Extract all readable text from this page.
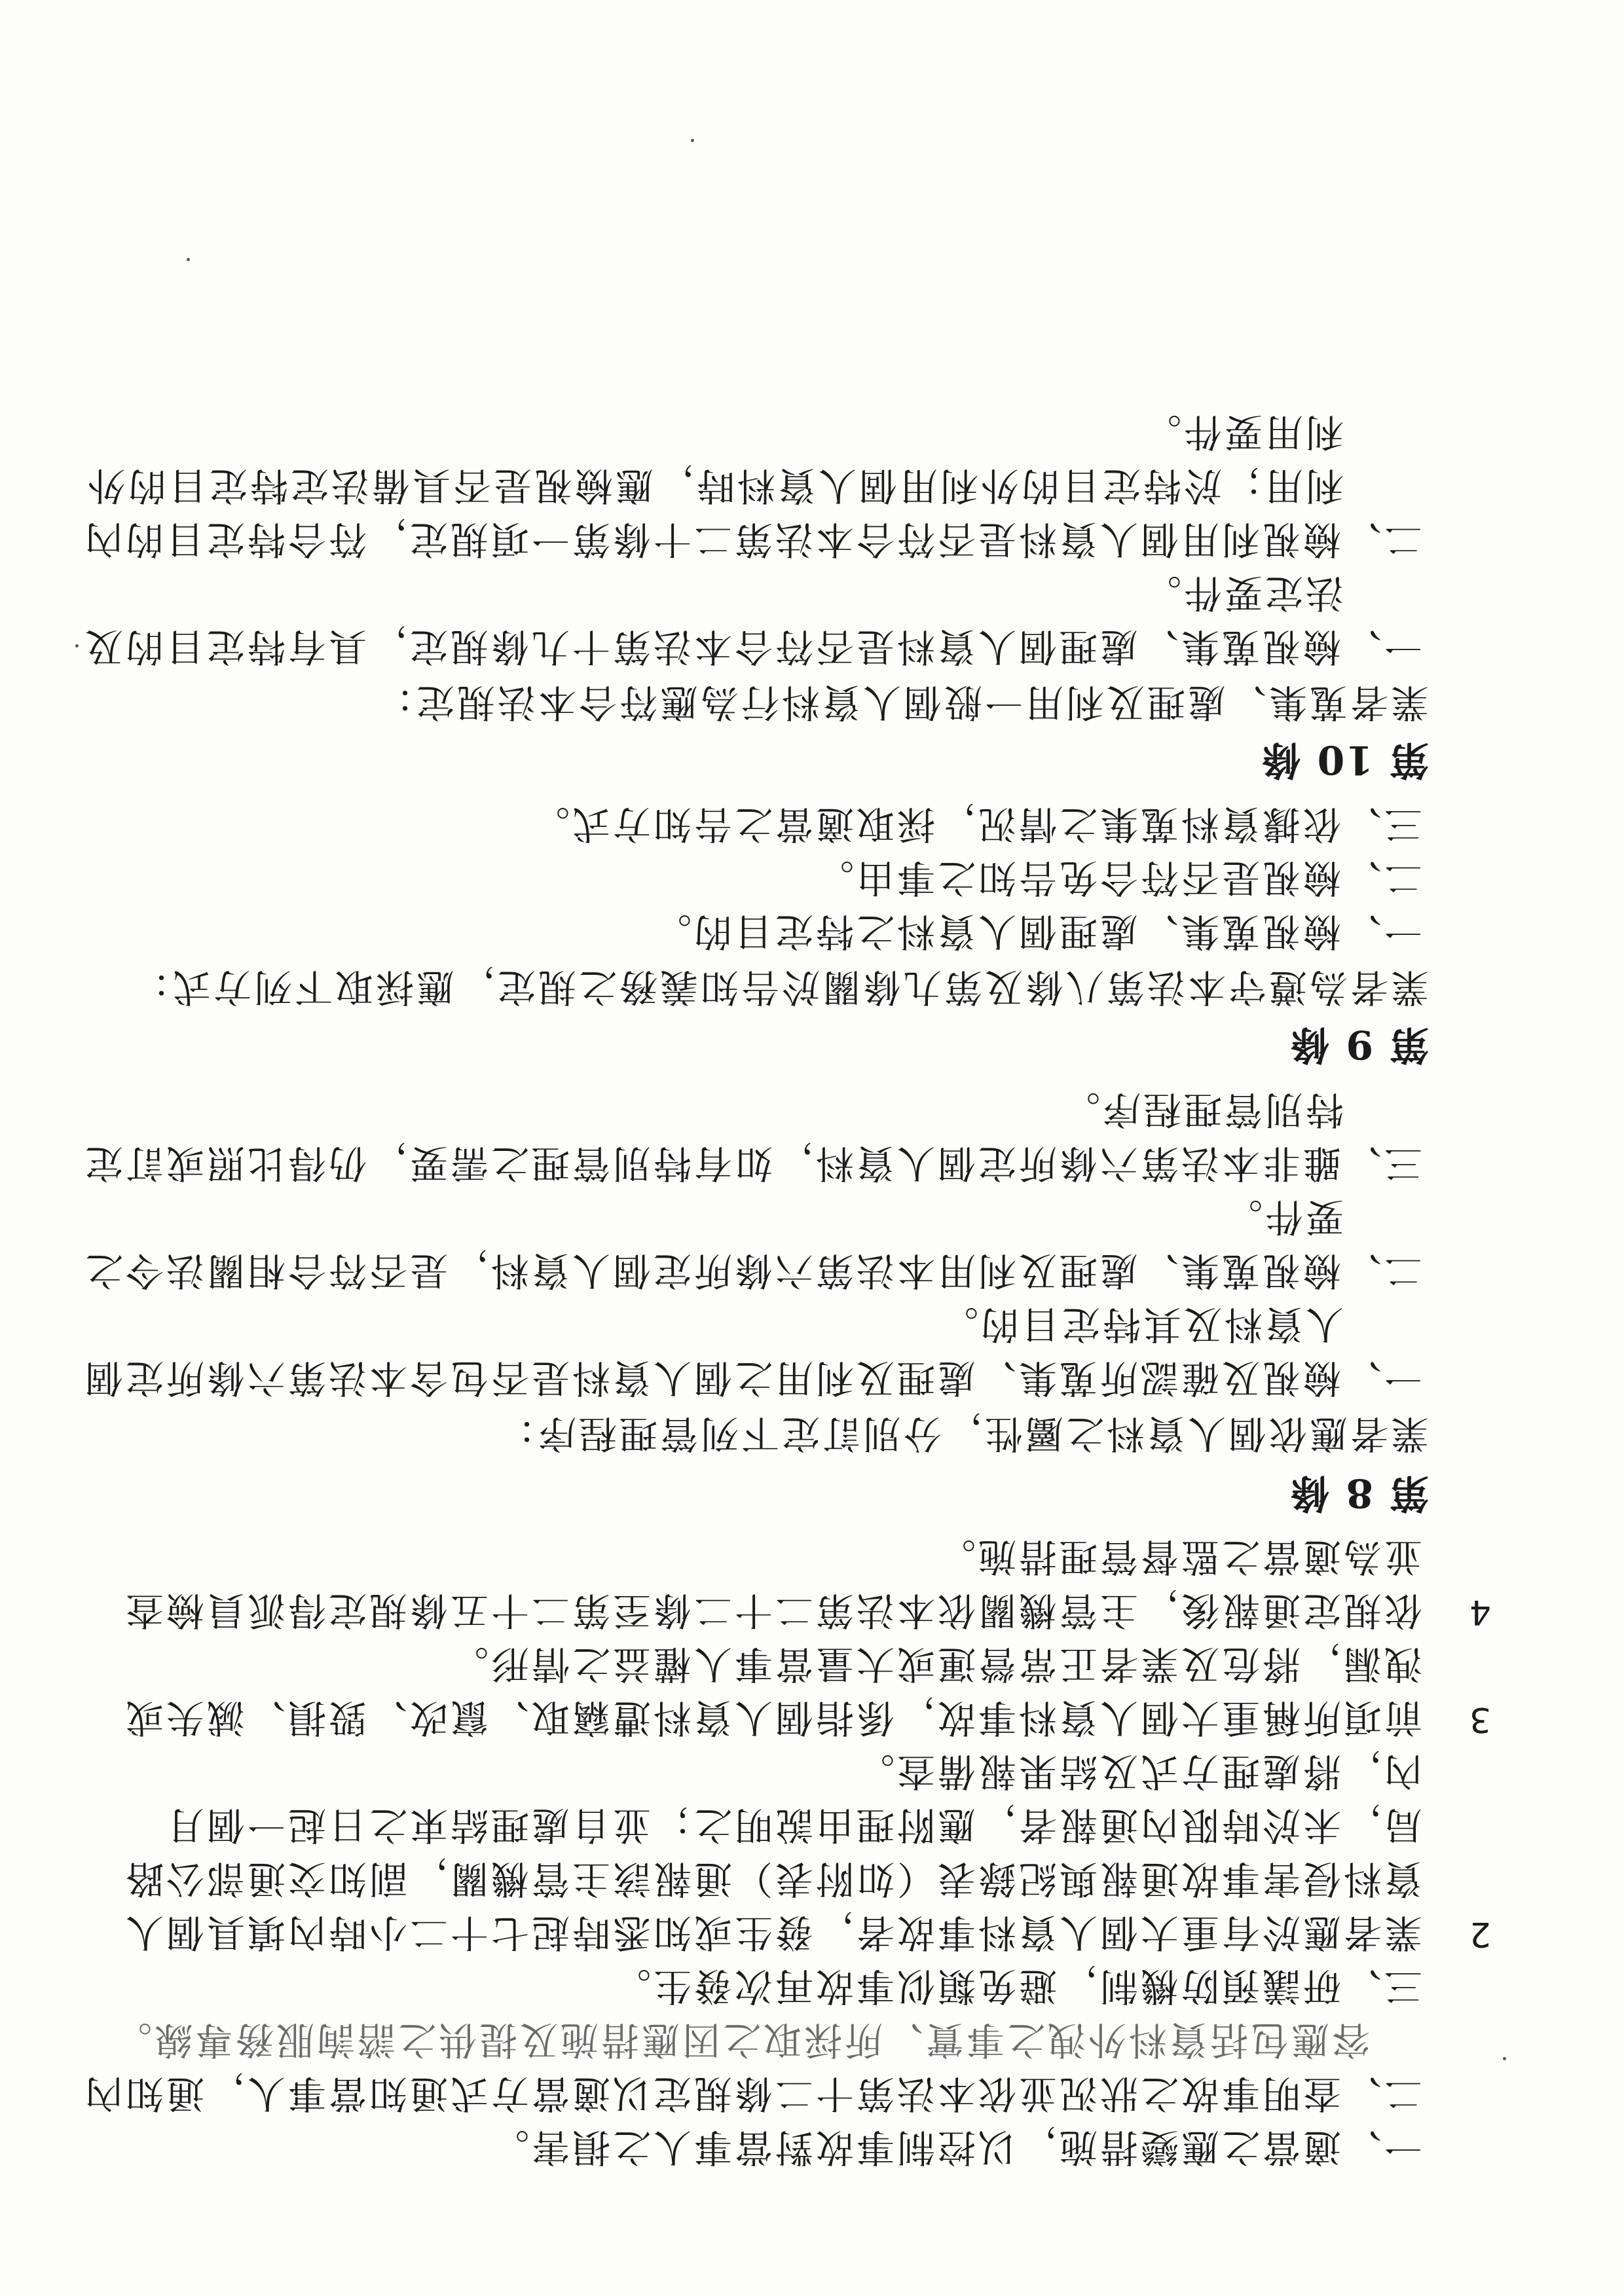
一、適當之應變措施，以控制事故對當事人之損害。
二、查明事故之狀況並依本法第十二條規定以適當方式通知當事人，通知內
容應包括資料外洩之事實、所採取之因應措施及提供之諮詢服務專線。
三、研議預防機制，避免類似事故再次發生。
2
業者應於有重大個人資料事故者，發生或知悉時起七十二小時內填具個人
資料侵害事故通報與紀錄表（如附表）通報該主管機關，副知交通部公路
局，未於時限內通報者，應附理由說明之；並自處理結束之日起一個月
內，將處理方式及結果報備查。
3
前項所稱重大個人資料事故，係指個人資料遭竊取、竄改、毀損、滅失或
洩漏，將危及業者正常營運或大量當事人權益之情形。
4
依規定通報後，主管機關依本法第二十二條至第二十五條規定得派員檢查
並為適當之監督管理措施。
第 8 條
業者應依個人資料之屬性，分別訂定下列管理程序：
一、檢視及確認所蒐集、處理及利用之個人資料是否包含本法第六條所定個
人資料及其特定目的。
二、檢視蒐集、處理及利用本法第六條所定個人資料，是否符合相關法令之
要件。
三、雖非本法第六條所定個人資料，如有特別管理之需要，仍得比照或訂定
特別管理程序。
第 9 條
業者為遵守本法第八條及第九條關於告知義務之規定，應採取下列方式：
一、檢視蒐集、處理個人資料之特定目的。
二、檢視是否符合免告知之事由。
三、依據資料蒐集之情況，採取適當之告知方式。
第 10 條
業者蒐集、處理及利用一般個人資料行為應符合本法規定：
一、檢視蒐集、處理個人資料是否符合本法第十九條規定，具有特定目的及
法定要件。
二、檢視利用個人資料是否符合本法第二十條第一項規定，符合特定目的內
利用；於特定目的外利用個人資料時，應檢視是否具備法定特定目的外
利用要件。
